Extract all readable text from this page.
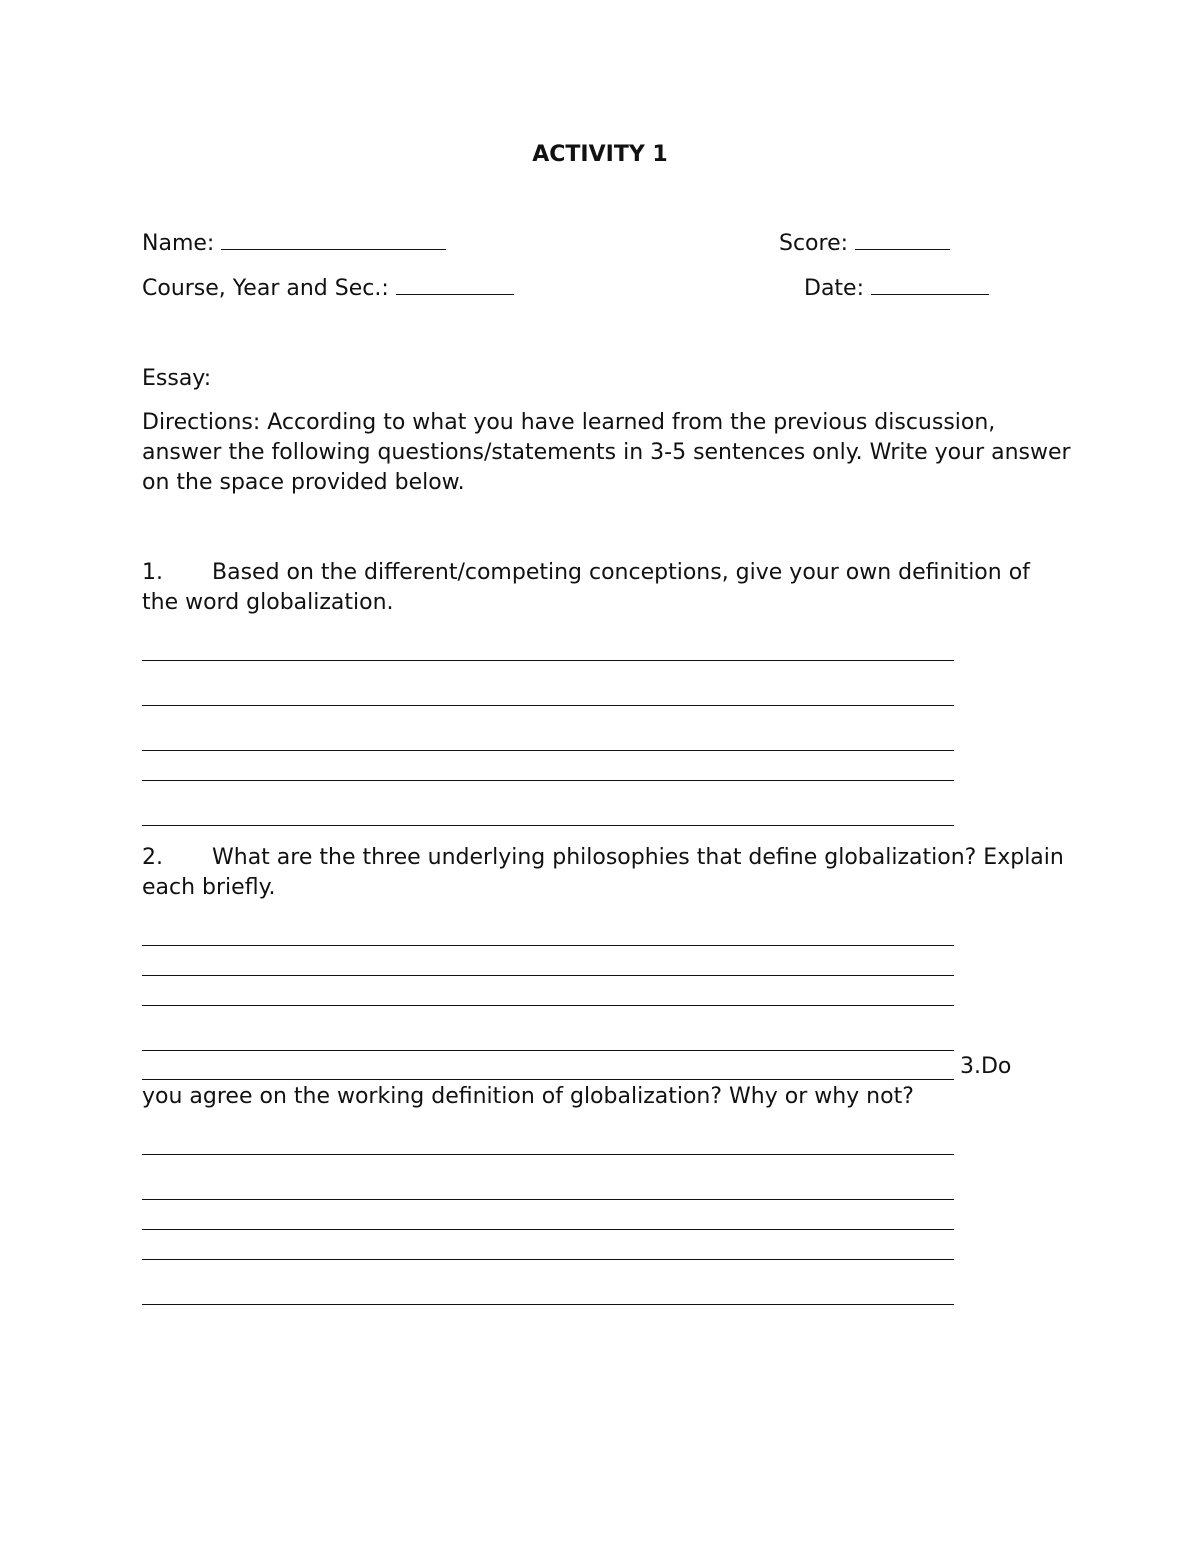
ACTIVITY 1
Name:	Score:
Course, Year and Sec.:	Date:
Essay:
Directions: According to what you have learned from the previous discussion, answer the following questions/statements in 3-5 sentences only. Write your answer on the space provided below.
1. Based on the different/competing conceptions, give your own definition of the word globalization.
2. What are the three underlying philosophies that define globalization? Explain each briefly.
3.Do
you agree on the working definition of globalization? Why or why not?
